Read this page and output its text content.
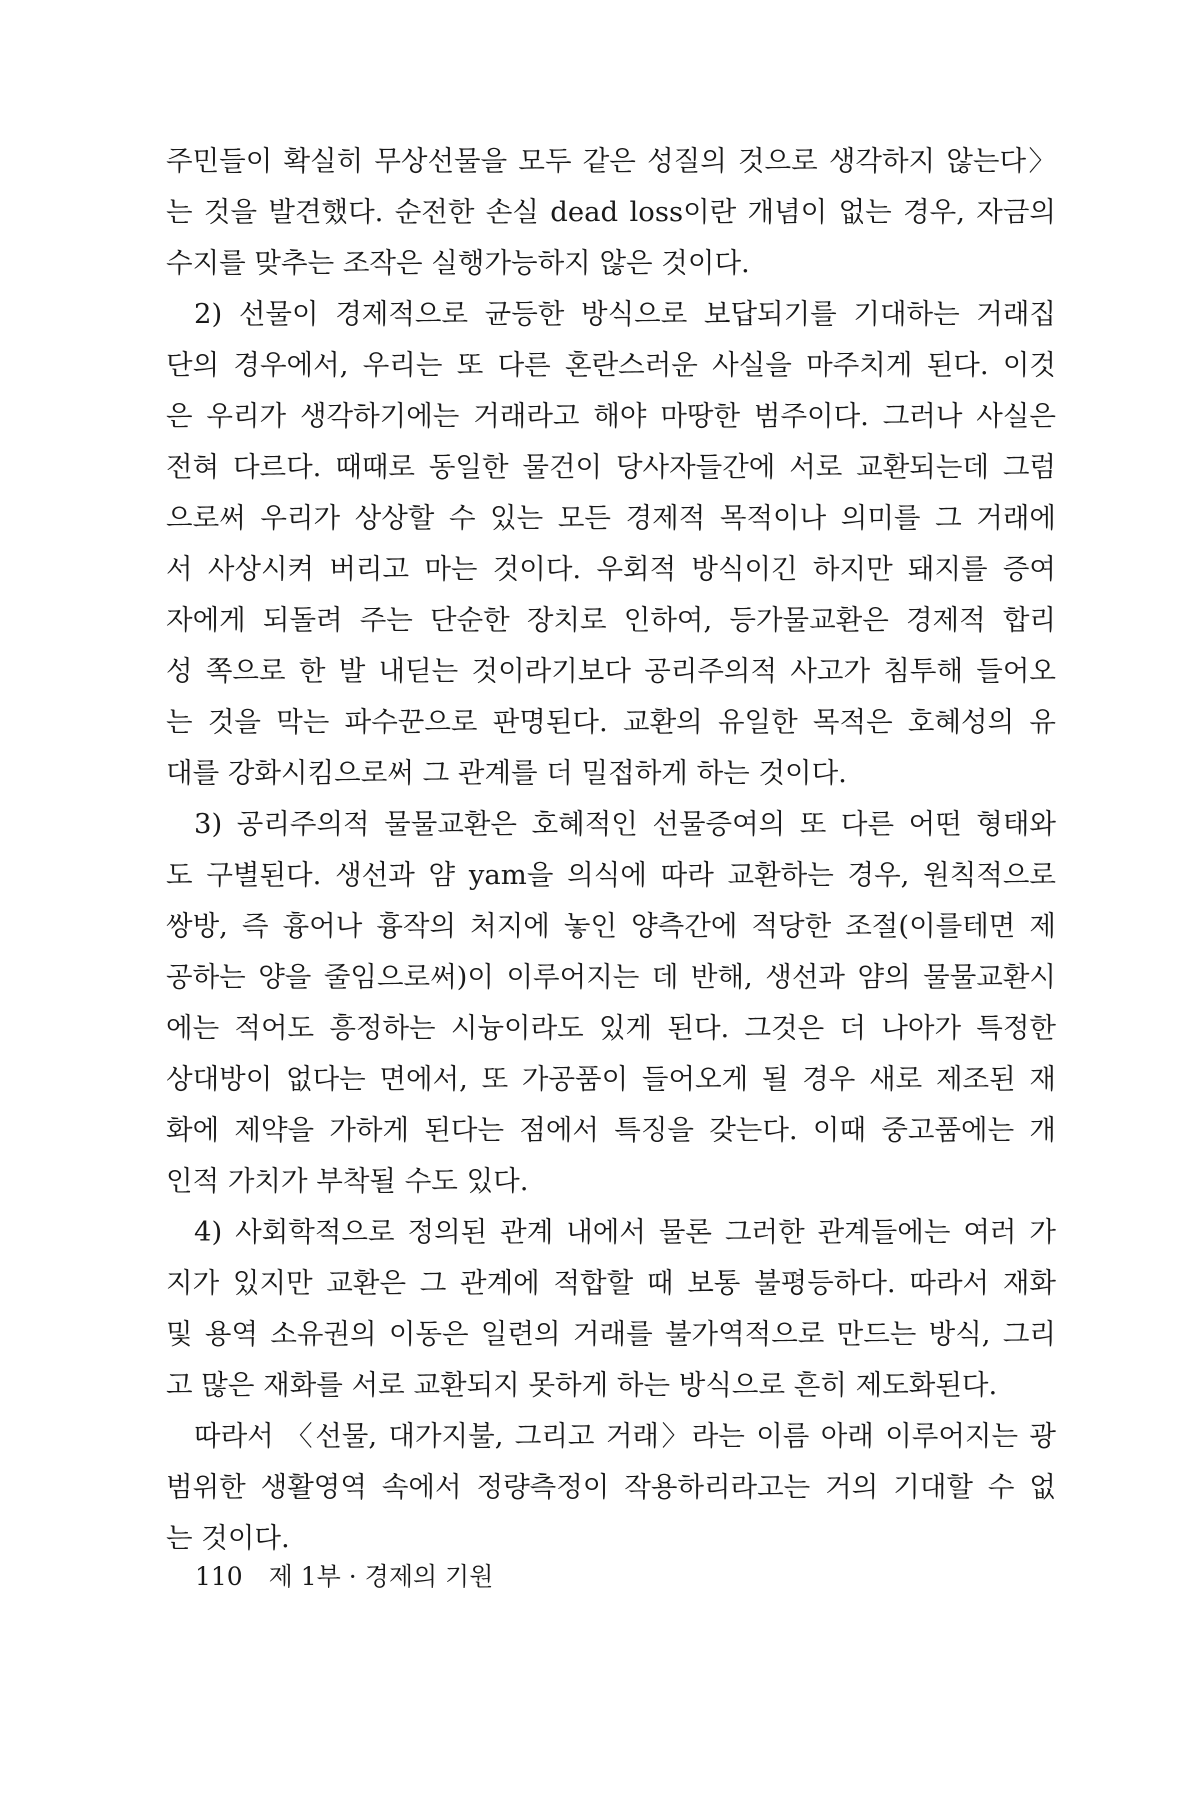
주민들이 확실히 무상선물을 모두 같은 성질의 것으로 생각하지 않는다〉
는 것을 발견했다. 순전한 손실 dead loss이란 개념이 없는 경우, 자금의
수지를 맞추는 조작은 실행가능하지 않은 것이다.
2) 선물이 경제적으로 균등한 방식으로 보답되기를 기대하는 거래집
단의 경우에서, 우리는 또 다른 혼란스러운 사실을 마주치게 된다. 이것
은 우리가 생각하기에는 거래라고 해야 마땅한 범주이다. 그러나 사실은
전혀 다르다. 때때로 동일한 물건이 당사자들간에 서로 교환되는데 그럼
으로써 우리가 상상할 수 있는 모든 경제적 목적이나 의미를 그 거래에
서 사상시켜 버리고 마는 것이다. 우회적 방식이긴 하지만 돼지를 증여
자에게 되돌려 주는 단순한 장치로 인하여, 등가물교환은 경제적 합리
성 쪽으로 한 발 내딛는 것이라기보다 공리주의적 사고가 침투해 들어오
는 것을 막는 파수꾼으로 판명된다. 교환의 유일한 목적은 호혜성의 유
대를 강화시킴으로써 그 관계를 더 밀접하게 하는 것이다.
3) 공리주의적 물물교환은 호혜적인 선물증여의 또 다른 어떤 형태와
도 구별된다. 생선과 얌 yam을 의식에 따라 교환하는 경우, 원칙적으로
쌍방, 즉 흉어나 흉작의 처지에 놓인 양측간에 적당한 조절(이를테면 제
공하는 양을 줄임으로써)이 이루어지는 데 반해, 생선과 얌의 물물교환시
에는 적어도 흥정하는 시늉이라도 있게 된다. 그것은 더 나아가 특정한
상대방이 없다는 면에서, 또 가공품이 들어오게 될 경우 새로 제조된 재
화에 제약을 가하게 된다는 점에서 특징을 갖는다. 이때 중고품에는 개
인적 가치가 부착될 수도 있다.
4) 사회학적으로 정의된 관계 내에서 물론 그러한 관계들에는 여러 가
지가 있지만 교환은 그 관계에 적합할 때 보통 불평등하다. 따라서 재화
및 용역 소유권의 이동은 일련의 거래를 불가역적으로 만드는 방식, 그리
고 많은 재화를 서로 교환되지 못하게 하는 방식으로 흔히 제도화된다.
따라서 〈선물, 대가지불, 그리고 거래〉라는 이름 아래 이루어지는 광
범위한 생활영역 속에서 정량측정이 작용하리라고는 거의 기대할 수 없
는 것이다.
110 제 1부 · 경제의 기원
